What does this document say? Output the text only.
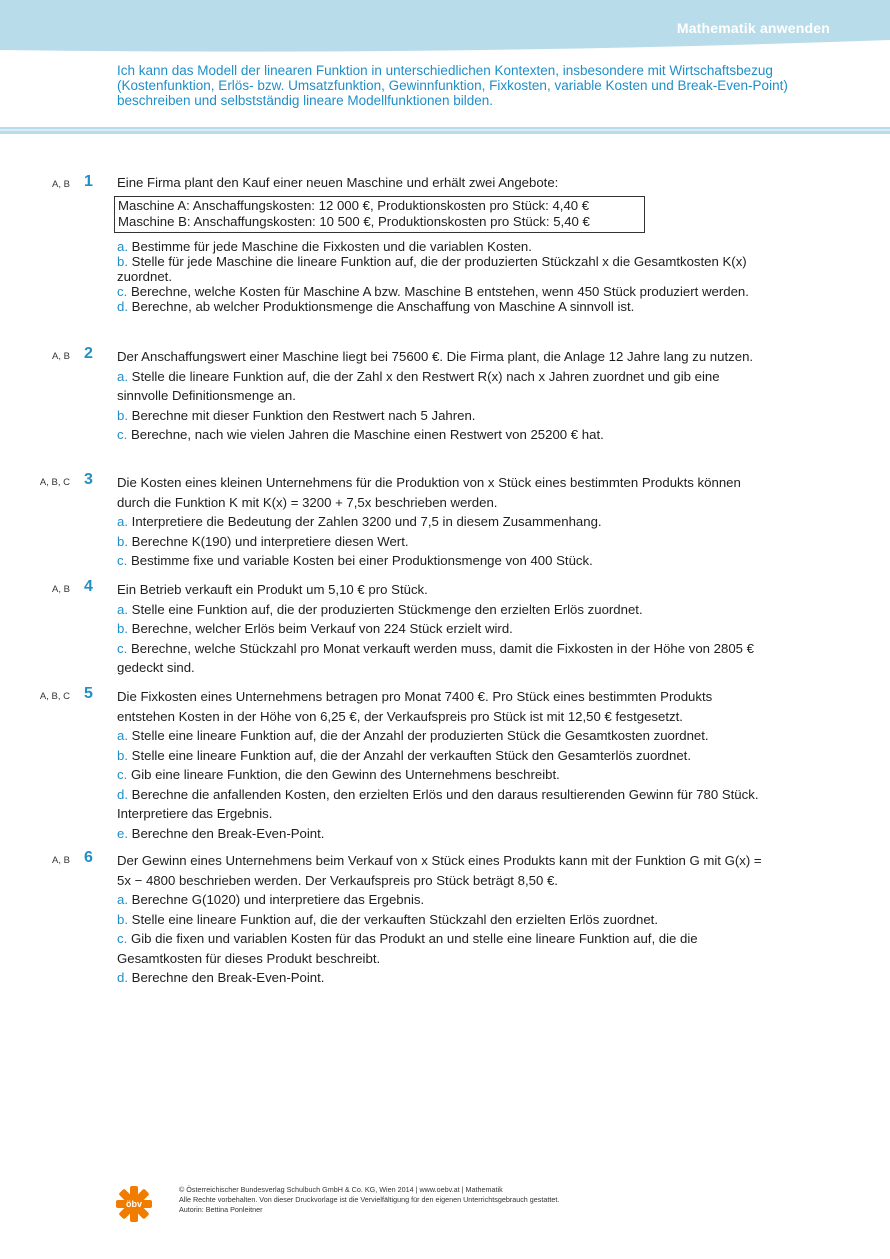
Mathematik anwenden
Ich kann das Modell der linearen Funktion in unterschiedlichen Kontexten, insbesondere mit Wirtschaftsbezug (Kostenfunktion, Erlös- bzw. Umsatzfunktion, Gewinnfunktion, Fixkosten, variable Kosten und Break-Even-Point) beschreiben und selbstständig lineare Modellfunktionen bilden.
A, B 1 Eine Firma plant den Kauf einer neuen Maschine und erhält zwei Angebote:

Maschine A: Anschaffungskosten: 12 000 €, Produktionskosten pro Stück: 4,40 €
Maschine B: Anschaffungskosten: 10 500 €, Produktionskosten pro Stück: 5,40 €

a. Bestimme für jede Maschine die Fixkosten und die variablen Kosten.

b. Stelle für jede Maschine die lineare Funktion auf, die der produzierten Stückzahl x die Gesamtkosten K(x) zuordnet.

c. Berechne, welche Kosten für Maschine A bzw. Maschine B entstehen, wenn 450 Stück produziert werden.

d. Berechne, ab welcher Produktionsmenge die Anschaffung von Maschine A sinnvoll ist.

A, B 2 Der Anschaffungswert einer Maschine liegt bei 75600 €. Die Firma plant, die Anlage 12 Jahre lang zu nutzen.

a. Stelle die lineare Funktion auf, die der Zahl x den Restwert R(x) nach x Jahren zuordnet und gib eine sinnvolle Definitionsmenge an.

b. Berechne mit dieser Funktion den Restwert nach 5 Jahren.

c. Berechne, nach wie vielen Jahren die Maschine einen Restwert von 25200 € hat.

A, B, C 3 Die Kosten eines kleinen Unternehmens für die Produktion von x Stück eines bestimmten Produkts können durch die Funktion K mit K(x) = 3200 + 7,5x beschrieben werden.

a. Interpretiere die Bedeutung der Zahlen 3200 und 7,5 in diesem Zusammenhang.

b. Berechne K(190) und interpretiere diesen Wert.

c. Bestimme fixe und variable Kosten bei einer Produktionsmenge von 400 Stück.

A, B 4 Ein Betrieb verkauft ein Produkt um 5,10 € pro Stück.

a. Stelle eine Funktion auf, die der produzierten Stückmenge den erzielten Erlös zuordnet.

b. Berechne, welcher Erlös beim Verkauf von 224 Stück erzielt wird.

c. Berechne, welche Stückzahl pro Monat verkauft werden muss, damit die Fixkosten in der Höhe von 2805 € gedeckt sind.

A, B, C 5 Die Fixkosten eines Unternehmens betragen pro Monat 7400 €. Pro Stück eines bestimmten Produkts entstehen Kosten in der Höhe von 6,25 €, der Verkaufspreis pro Stück ist mit 12,50 € festgesetzt.

a. Stelle eine lineare Funktion auf, die der Anzahl der produzierten Stück die Gesamtkosten zuordnet.

b. Stelle eine lineare Funktion auf, die der Anzahl der verkauften Stück den Gesamterlös zuordnet.

c. Gib eine lineare Funktion, die den Gewinn des Unternehmens beschreibt.

d. Berechne die anfallenden Kosten, den erzielten Erlös und den daraus resultierenden Gewinn für 780 Stück. Interpretiere das Ergebnis.

e. Berechne den Break-Even-Point.

A, B 6 Der Gewinn eines Unternehmens beim Verkauf von x Stück eines Produkts kann mit der Funktion G mit G(x) = 5x − 4800 beschrieben werden. Der Verkaufspreis pro Stück beträgt 8,50 €.

a. Berechne G(1020) und interpretiere das Ergebnis.

b. Stelle eine lineare Funktion auf, die der verkauften Stückzahl den erzielten Erlös zuordnet.

c. Gib die fixen und variablen Kosten für das Produkt an und stelle eine lineare Funktion auf, die die Gesamtkosten für dieses Produkt beschreibt.

d. Berechne den Break-Even-Point.

öbv
© Österreichischer Bundesverlag Schulbuch GmbH & Co. KG, Wien 2014 | www.oebv.at | Mathematik
Alle Rechte vorbehalten. Von dieser Druckvorlage ist die Vervielfältigung für den eigenen Unterrichtsgebrauch gestattet.
Autorin: Bettina Ponleitner
